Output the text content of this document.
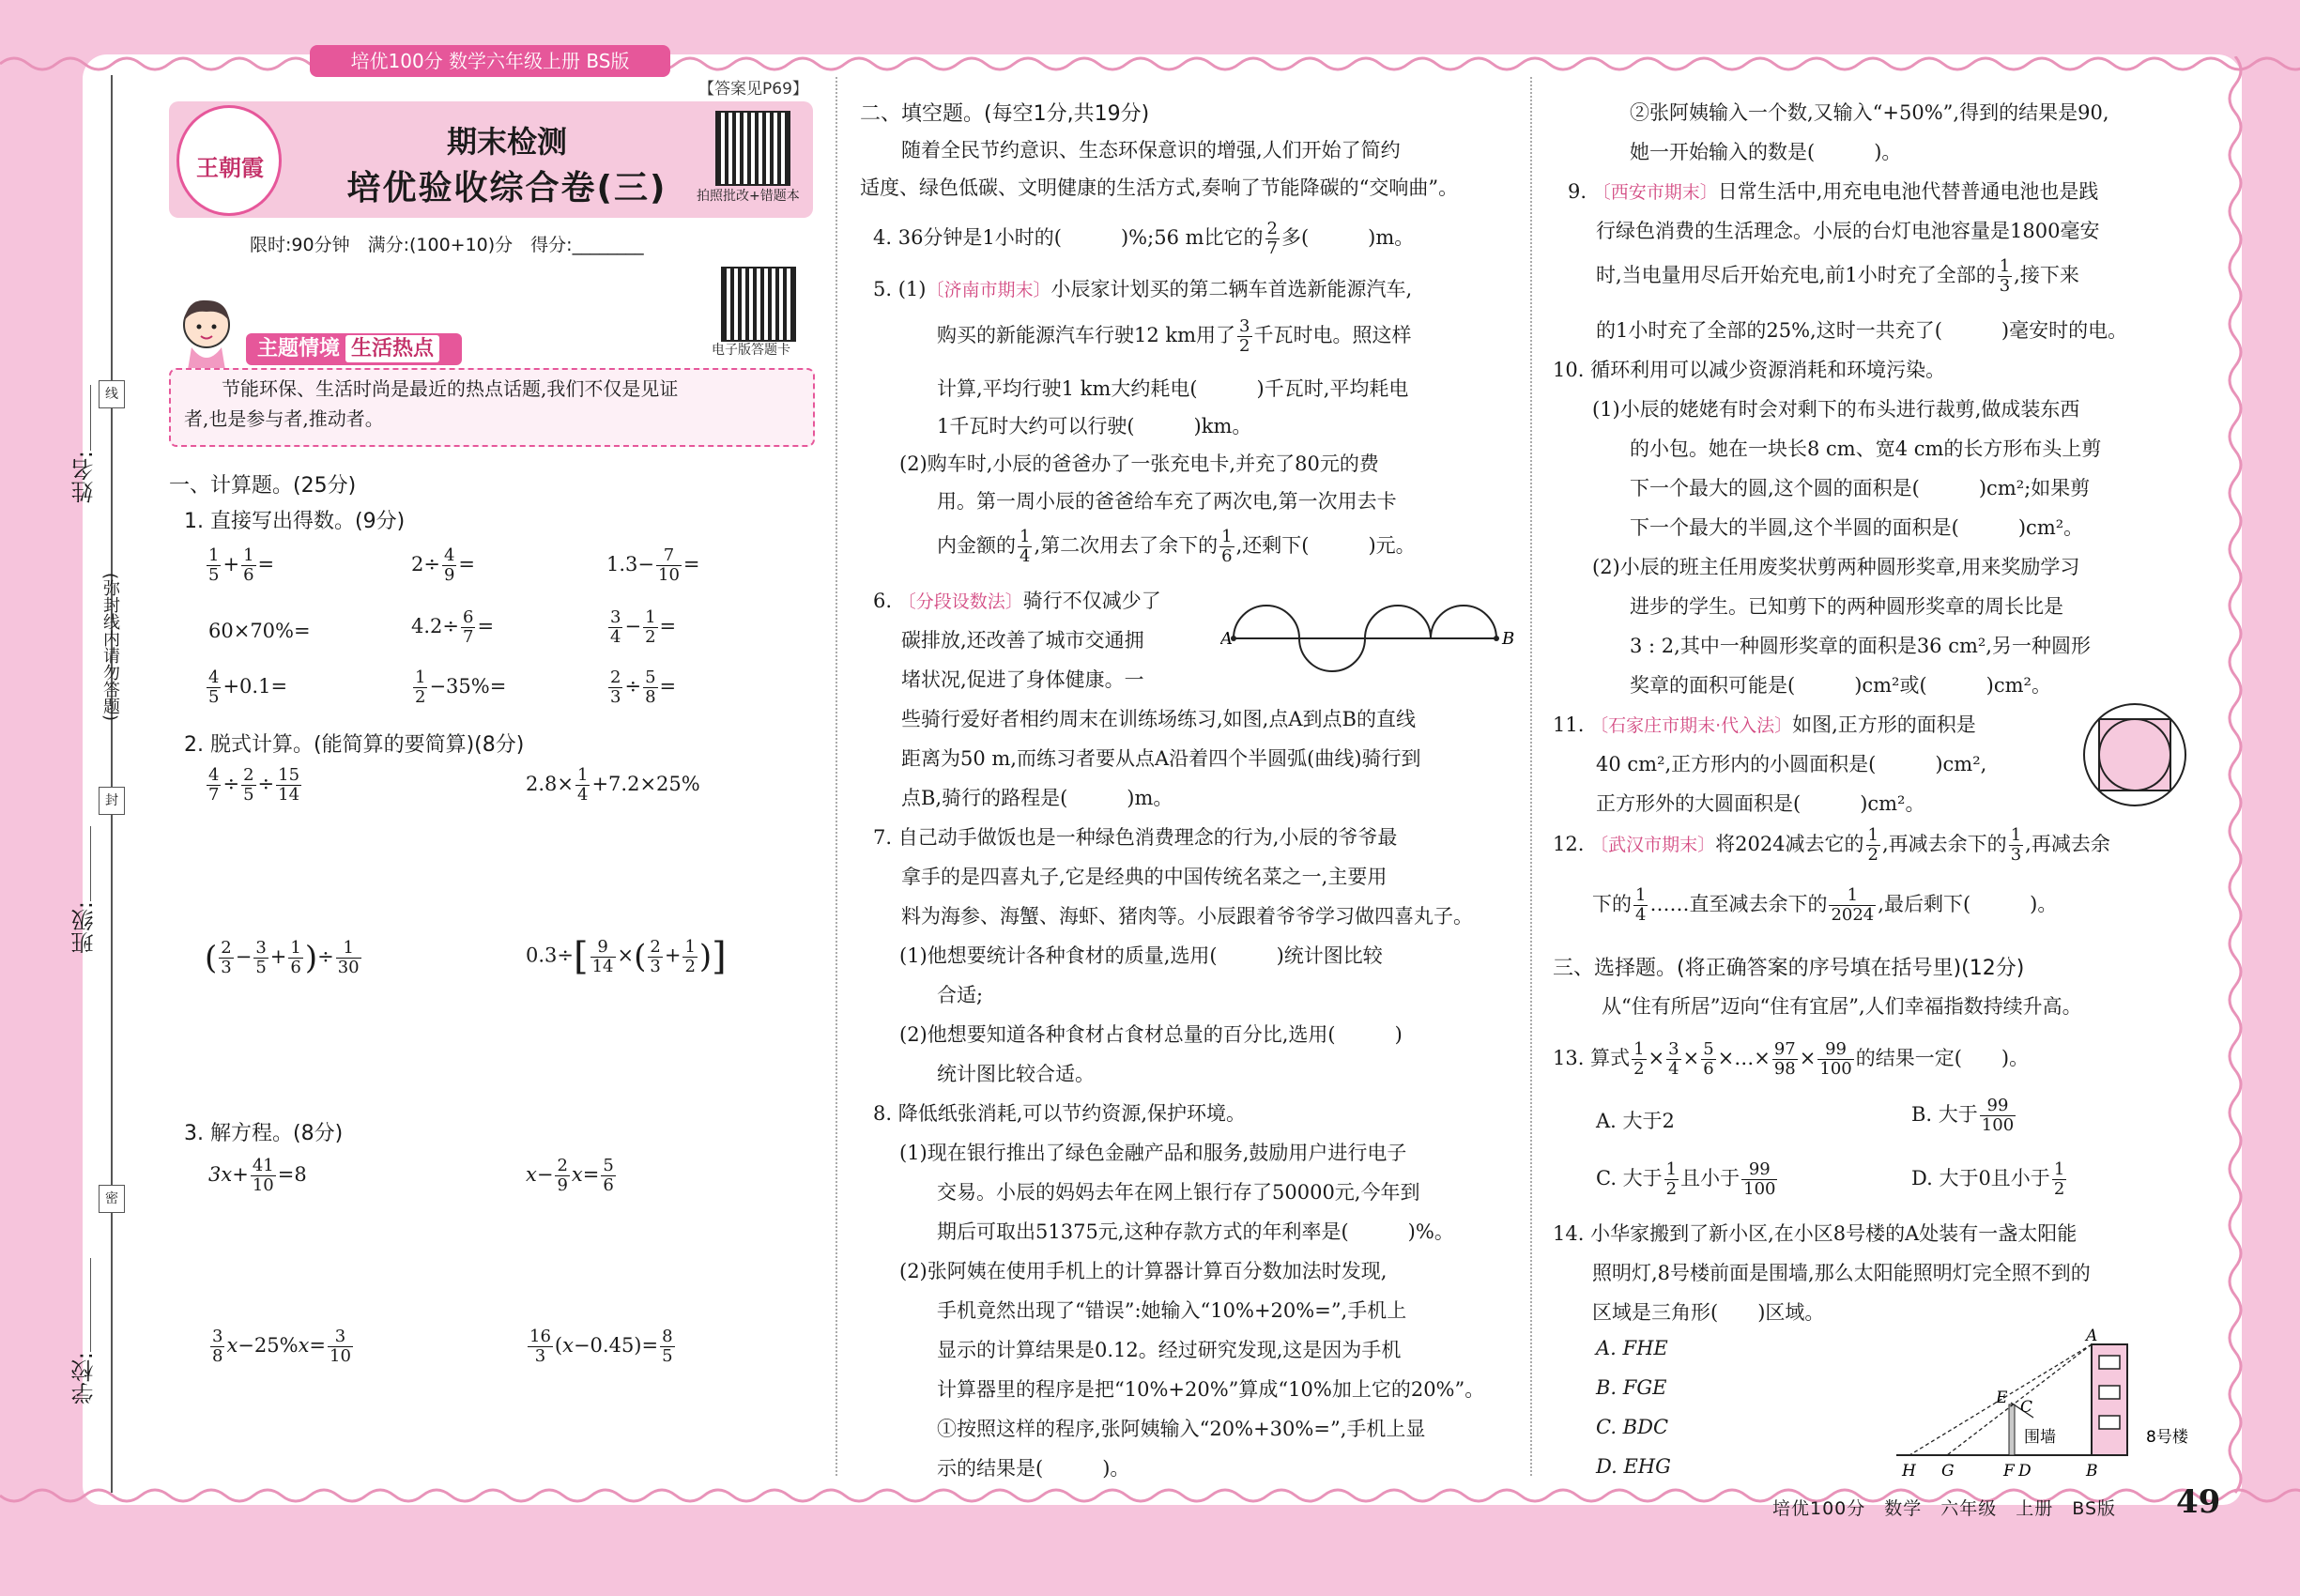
培优100分 数学六年级上册 BS版
【答案见P69】
王朝霞
期末检测
培优验收综合卷(三)	拍照批改+错题本
电子版答题卡
限时:90分钟　满分:(100+10)分　得分:________
主题情境 生活热点
节能环保、生活时尚是最近的热点话题,我们不仅是见证
者,也是参与者,推动者。
线
封
密
(弥封线内请勿答题)
姓名:
班级:
学校:
一、计算题。(25分)
1. 直接写出得数。(9分)
$\frac{1}{5} + \frac{1}{6}$ =	$2\div \frac{4}{9}$ =	$1.3- \frac{7}{10}$ =
60×70%=	$4.2\div \frac{6}{7}$ =	$\frac{3}{4} - \frac{1}{2}$ =
$\frac{4}{5} +0.1=$	$\frac{1}{2} -35\%=$	$\frac{2}{3} \div \frac{5}{8}$ =
2. 脱式计算。(能简算的要简算)(8分)
$\frac{4}{7} \div \frac{2}{5} \div \frac{15}{14}$	$2.8\times \frac{1}{4} +7.2\times 25\%$
( $\frac{2}{3} - \frac{3}{5} + \frac{1}{6}$ )÷ $\frac{1}{30}$	$0.3\div[ \frac{9}{14}$ ×( $\frac{2}{3} + \frac{1}{2}$ )]
3. 解方程。(8分)
$3x+ \frac{41}{10} =8$	$x- \frac{2}{9} x= \frac{5}{6}$
$\frac{3}{8} x-25\%x= \frac{3}{10}$	$\frac{16}{3} (x-0.45)= \frac{8}{5}$
二、填空题。(每空1分,共19分)
随着全民节约意识、生态环保意识的增强,人们开始了简约
适度、绿色低碳、文明健康的生活方式,奏响了节能降碳的“交响曲”。
4. 36分钟是1小时的(　　　)%;56 m比它的 $\frac{2}{7}$ 多(　　　)m。
5. (1)〔济南市期末〕小辰家计划买的第二辆车首选新能源汽车,
购买的新能源汽车行驶12 km用了 $\frac{3}{2}$ 千瓦时电。照这样
计算,平均行驶1 km大约耗电(　　　)千瓦时,平均耗电
1千瓦时大约可以行驶(　　　)km。
(2)购车时,小辰的爸爸办了一张充电卡,并充了80元的费
用。第一周小辰的爸爸给车充了两次电,第一次用去卡
内金额的 $\frac{1}{4}$ ,第二次用去了余下的 $\frac{1}{6}$ ,还剩下(　　　)元。
6. 〔分段设数法〕骑行不仅减少了
碳排放,还改善了城市交通拥
堵状况,促进了身体健康。一
A	B
些骑行爱好者相约周末在训练场练习,如图,点A到点B的直线
距离为50 m,而练习者要从点A沿着四个半圆弧(曲线)骑行到
点B,骑行的路程是(　　　)m。
7. 自己动手做饭也是一种绿色消费理念的行为,小辰的爷爷最
拿手的是四喜丸子,它是经典的中国传统名菜之一,主要用
料为海参、海蟹、海虾、猪肉等。小辰跟着爷爷学习做四喜丸子。
(1)他想要统计各种食材的质量,选用(　　　)统计图比较
合适;
(2)他想要知道各种食材占食材总量的百分比,选用(　　　)
统计图比较合适。
8. 降低纸张消耗,可以节约资源,保护环境。
(1)现在银行推出了绿色金融产品和服务,鼓励用户进行电子
交易。小辰的妈妈去年在网上银行存了50000元,今年到
期后可取出51375元,这种存款方式的年利率是(　　　)%。
(2)张阿姨在使用手机上的计算器计算百分数加法时发现,
手机竟然出现了“错误”:她输入“10%+20%=”,手机上
显示的计算结果是0.12。经过研究发现,这是因为手机
计算器里的程序是把“10%+20%”算成“10%加上它的20%”。
①按照这样的程序,张阿姨输入“20%+30%=”,手机上显
示的结果是(　　　)。
②张阿姨输入一个数,又输入“+50%”,得到的结果是90,
她一开始输入的数是(　　　)。
9. 〔西安市期末〕日常生活中,用充电电池代替普通电池也是践
行绿色消费的生活理念。小辰的台灯电池容量是1800毫安
时,当电量用尽后开始充电,前1小时充了全部的 $\frac{1}{3}$ ,接下来
的1小时充了全部的25%,这时一共充了(　　　)毫安时的电。
10. 循环利用可以减少资源消耗和环境污染。
(1)小辰的姥姥有时会对剩下的布头进行裁剪,做成装东西
的小包。她在一块长8 cm、宽4 cm的长方形布头上剪
下一个最大的圆,这个圆的面积是(　　　)cm²;如果剪
下一个最大的半圆,这个半圆的面积是(　　　)cm²。
(2)小辰的班主任用废奖状剪两种圆形奖章,用来奖励学习
进步的学生。已知剪下的两种圆形奖章的周长比是
3 : 2,其中一种圆形奖章的面积是36 cm²,另一种圆形
奖章的面积可能是(　　　)cm²或(　　　)cm²。
11. 〔石家庄市期末·代入法〕如图,正方形的面积是
40 cm²,正方形内的小圆面积是(　　　)cm²,
正方形外的大圆面积是(　　　)cm²。
12. 〔武汉市期末〕将2024减去它的 $\frac{1}{2}$ ,再减去余下的 $\frac{1}{3}$ ,再减去余
下的 $\frac{1}{4}$ ……直至减去余下的 $\frac{1}{2024}$ ,最后剩下(　　　)。
三、选择题。(将正确答案的序号填在括号里)(12分)
从“住有所居”迈向“住有宜居”,人们幸福指数持续升高。
13. 算式 $\frac{1}{2} \times \frac{3}{4} \times \frac{5}{6}$ ×…× $\frac{97}{98} \times \frac{99}{100}$ 的结果一定(　　)。
A. 大于2	B. 大于 $\frac{99}{100}$
C. 大于 $\frac{1}{2}$ 且小于 $\frac{99}{100}$	D. 大于0且小于 $\frac{1}{2}$
14. 小华家搬到了新小区,在小区8号楼的A处装有一盏太阳能
照明灯,8号楼前面是围墙,那么太阳能照明灯完全照不到的
区域是三角形(　　)区域。
A. FHE
B. FGE
C. BDC
D. EHG
A
E C
H G	F D	B
围墙	8号楼
培优100分　数学　六年级　上册　BS版 49
